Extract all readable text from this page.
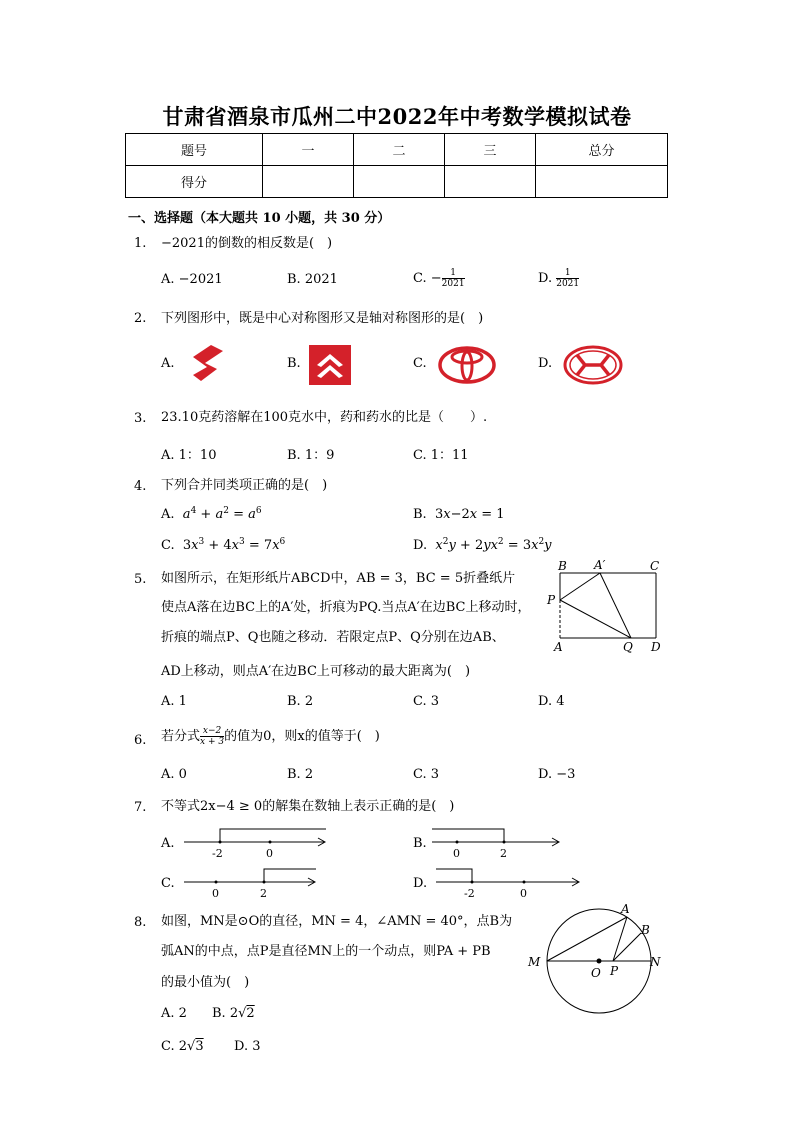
甘肃省酒泉市瓜州二中2022年中考数学模拟试卷
题号	一	二	三	总分
得分				
一、选择题（本大题共 10 小题，共 30 分）
1. −2021的倒数的相反数是(　)
A. −2021	B. 2021	C. − $\frac{1}{2021}$	D. $\frac{1}{2021}$
2. 下列图形中，既是中心对称图形又是轴对称图形的是(　)
A.	B.	C.	D.
3. 23.10克药溶解在100克水中，药和药水的比是（　　）.
A. 1：10	B. 1：9	C. 1：11
4. 下列合并同类项正确的是(　)
A.  $a^4 + a^2 = a^6$	B.  3x−2x = 1
C.  $3x^3 + 4x^3 = 7x^6$	D.  $x^2y + 2yx^2 = 3x^2y$
5. 如图所示，在矩形纸片ABCD中，AB = 3，BC = 5折叠纸片
使点A落在边BC上的A′处，折痕为PQ.当点A′在边BC上移动时，
折痕的端点P、Q也随之移动．若限定点P、Q分别在边AB、
AD上移动，则点A′在边BC上可移动的最大距离为(　)
B A′	C
P
A	Q D
A. 1	B. 2	C. 3	D. 4
6. 若分式 $\frac{x-2}{x + 3}$ 的值为0，则x的值等于(　)
A. 0	B. 2	C. 3	D. −3
7. 不等式2x−4 ≥ 0的解集在数轴上表示正确的是(　)
A.
-2	0
B.
0	2
C.
0	2
D.
-2	0
8. 如图，MN是⊙O的直径，MN = 4，∠AMN = 40°，点B为
弧AN的中点，点P是直径MN上的一个动点，则PA + PB
的最小值为(　)
A
B
M
O P
N
A. 2 B. 2√2
C. 2√3 D. 3
